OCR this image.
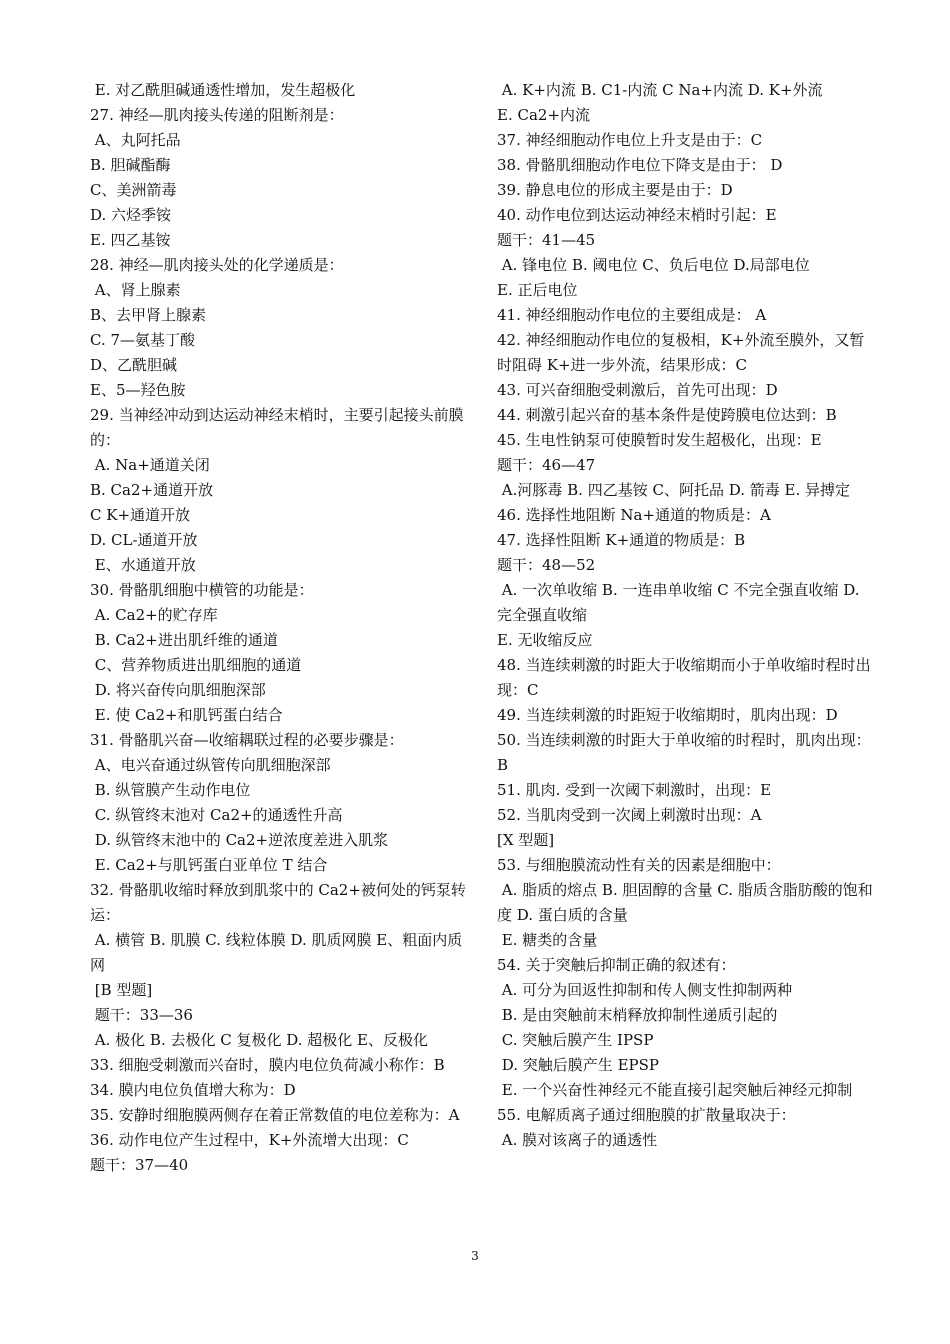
E. 对乙酰胆碱通透性增加，发生超极化
27. 神经—肌肉接头传递的阻断剂是：
A、丸阿托品
B. 胆碱酯酶
C、美洲箭毒
D. 六烃季铵
E. 四乙基铵
28. 神经—肌肉接头处的化学递质是：
A、肾上腺素
B、去甲肾上腺素
C. 7—氨基丁酸
D、乙酰胆碱
E、5—羟色胺
29. 当神经冲动到达运动神经末梢时，主要引起接头前膜的：
A. Na+通道关闭
B. Ca2+通道开放
C K+通道开放
D. CL-通道开放
E、水通道开放
30. 骨骼肌细胞中横管的功能是：
A. Ca2+的贮存库
B. Ca2+进出肌纤维的通道
C、营养物质进出肌细胞的通道
D. 将兴奋传向肌细胞深部
E. 使 Ca2+和肌钙蛋白结合
31. 骨骼肌兴奋—收缩耦联过程的必要步骤是：
A、电兴奋通过纵管传向肌细胞深部
B. 纵管膜产生动作电位
C. 纵管终末池对 Ca2+的通透性升高
D. 纵管终末池中的 Ca2+逆浓度差进入肌浆
E. Ca2+与肌钙蛋白亚单位 T 结合
32. 骨骼肌收缩时释放到肌浆中的 Ca2+被何处的钙泵转运：
A. 横管 B. 肌膜 C. 线粒体膜 D. 肌质网膜 E、粗面内质网
[B 型题]
题干：33—36
A. 极化 B. 去极化 C 复极化 D. 超极化 E、反极化
33. 细胞受刺激而兴奋时，膜内电位负荷减小称作：B
34. 膜内电位负值增大称为：D
35. 安静时细胞膜两侧存在着正常数值的电位差称为：A
36. 动作电位产生过程中，K+外流增大出现：C
题干：37—40
A. K+内流 B. C1-内流 C Na+内流 D. K+外流
E. Ca2+内流
37. 神经细胞动作电位上升支是由于：C
38. 骨骼肌细胞动作电位下降支是由于： D
39. 静息电位的形成主要是由于：D
40. 动作电位到达运动神经末梢时引起：E
题干：41—45
A. 锋电位 B. 阈电位 C、负后电位 D.局部电位
E. 正后电位
41. 神经细胞动作电位的主要组成是： A
42. 神经细胞动作电位的复极相，K+外流至膜外，又暂时阻碍 K+进一步外流，结果形成：C
43. 可兴奋细胞受刺激后，首先可出现：D
44. 刺激引起兴奋的基本条件是使跨膜电位达到：B
45. 生电性钠泵可使膜暂时发生超极化，出现：E
题干：46—47
A.河豚毒 B. 四乙基铵 C、阿托品 D. 箭毒 E. 异搏定
46. 选择性地阻断 Na+通道的物质是：A
47. 选择性阻断 K+通道的物质是：B
题干：48—52
A. 一次单收缩 B. 一连串单收缩 C 不完全强直收缩 D. 完全强直收缩
E. 无收缩反应
48. 当连续刺激的时距大于收缩期而小于单收缩时程时出现：C
49. 当连续刺激的时距短于收缩期时，肌肉出现：D
50. 当连续刺激的时距大于单收缩的时程时，肌肉出现：B
51. 肌肉. 受到一次阈下刺激时，出现：E
52. 当肌肉受到一次阈上刺激时出现：A
[X 型题]
53. 与细胞膜流动性有关的因素是细胞中：
A. 脂质的熔点 B. 胆固醇的含量 C. 脂质含脂肪酸的饱和度 D. 蛋白质的含量
E. 糖类的含量
54. 关于突触后抑制正确的叙述有：
A. 可分为回返性抑制和传人侧支性抑制两种
B. 是由突触前末梢释放抑制性递质引起的
C. 突触后膜产生 IPSP
D. 突触后膜产生 EPSP
E. 一个兴奋性神经元不能直接引起突触后神经元抑制
55. 电解质离子通过细胞膜的扩散量取决于：
A. 膜对该离子的通透性
3
